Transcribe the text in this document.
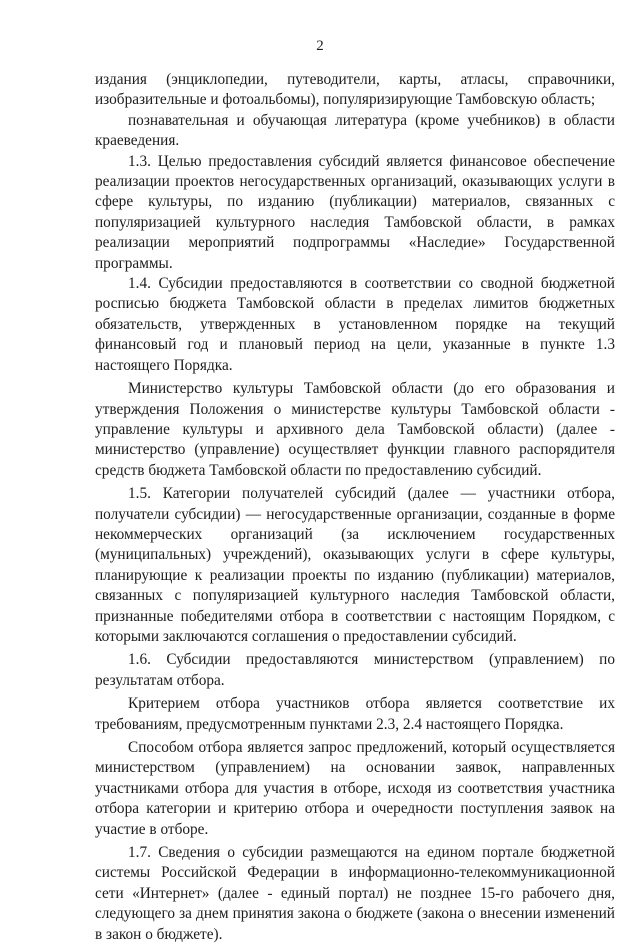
2

издания (энциклопедии, путеводители, карты, атласы, справочники, изобразительные и фотоальбомы), популяризирующие Тамбовскую область;

познавательная и обучающая литература (кроме учебников) в области краеведения.

1.3. Целью предоставления субсидий является финансовое обеспечение реализации проектов негосударственных организаций, оказывающих услуги в сфере культуры, по изданию (публикации) материалов, связанных с популяризацией культурного наследия Тамбовской области, в рамках реализации мероприятий подпрограммы «Наследие» Государственной программы.

1.4. Субсидии предоставляются в соответствии со сводной бюджетной росписью бюджета Тамбовской области в пределах лимитов бюджетных обязательств, утвержденных в установленном порядке на текущий финансовый год и плановый период на цели, указанные в пункте 1.3 настоящего Порядка.

Министерство культуры Тамбовской области (до его образования и утверждения Положения о министерстве культуры Тамбовской области - управление культуры и архивного дела Тамбовской области) (далее - министерство (управление) осуществляет функции главного распорядителя средств бюджета Тамбовской области по предоставлению субсидий.

1.5. Категории получателей субсидий (далее — участники отбора, получатели субсидии) — негосударственные организации, созданные в форме некоммерческих организаций (за исключением государственных (муниципальных) учреждений), оказывающих услуги в сфере культуры, планирующие к реализации проекты по изданию (публикации) материалов, связанных с популяризацией культурного наследия Тамбовской области, признанные победителями отбора в соответствии с настоящим Порядком, с которыми заключаются соглашения о предоставлении субсидий.

1.6. Субсидии предоставляются министерством (управлением) по результатам отбора.

Критерием отбора участников отбора является соответствие их требованиям, предусмотренным пунктами 2.3, 2.4 настоящего Порядка.

Способом отбора является запрос предложений, который осуществляется министерством (управлением) на основании заявок, направленных участниками отбора для участия в отборе, исходя из соответствия участника отбора категории и критерию отбора и очередности поступления заявок на участие в отборе.

1.7. Сведения о субсидии размещаются на едином портале бюджетной системы Российской Федерации в информационно-телекоммуникационной сети «Интернет» (далее - единый портал) не позднее 15-го рабочего дня, следующего за днем принятия закона о бюджете (закона о внесении изменений в закон о бюджете).
